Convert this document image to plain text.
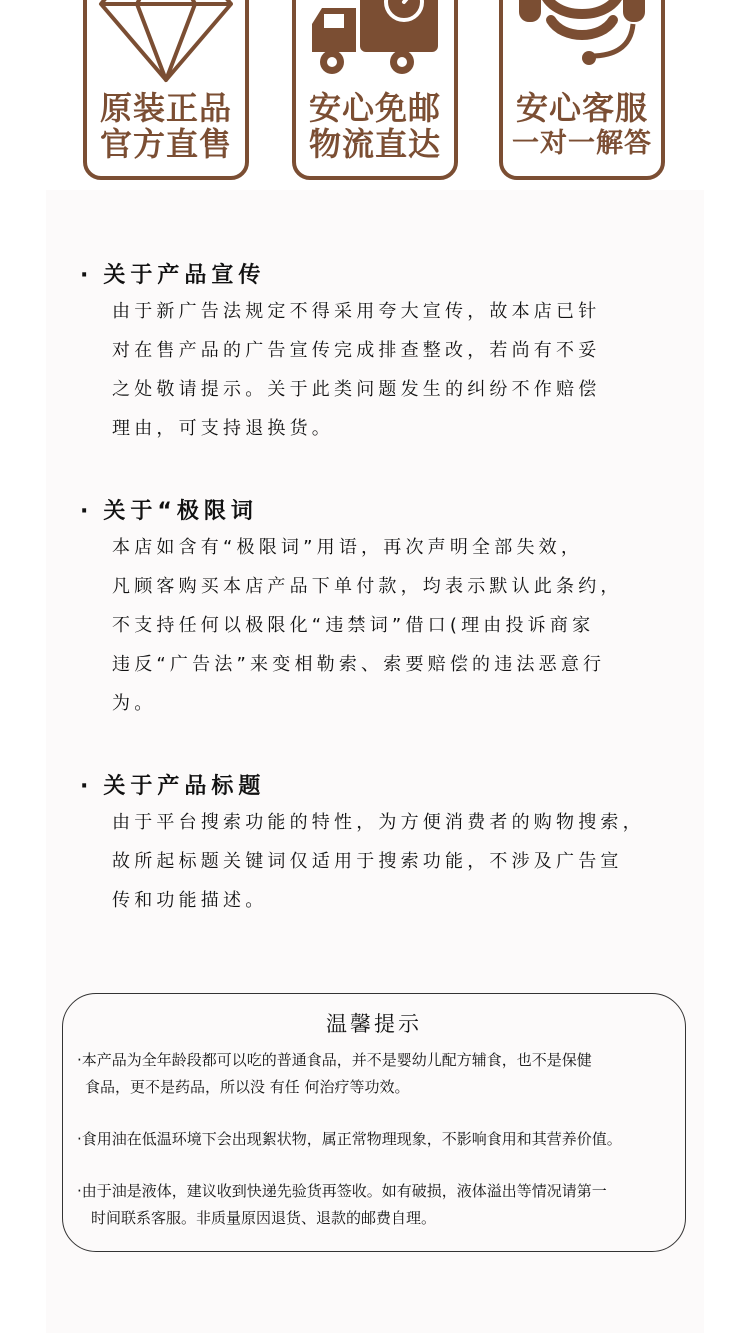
原装正品
官方直售
安心免邮
物流直达
安心客服
一对一解答
· 关于产品宣传
由于新广告法规定不得采用夸大宣传，故本店已针
对在售产品的广告宣传完成排查整改，若尚有不妥
之处敬请提示。关于此类问题发生的纠纷不作赔偿
理由，可支持退换货。
· 关于“极限词
本店如含有“极限词”用语，再次声明全部失效，
凡顾客购买本店产品下单付款，均表示默认此条约，
不支持任何以极限化“违禁词”借口(理由投诉商家
违反“广告法”来变相勒索、索要赔偿的违法恶意行
为。
· 关于产品标题
由于平台搜索功能的特性，为方便消费者的购物搜索，
故所起标题关键词仅适用于搜索功能，不涉及广告宣
传和功能描述。
温馨提示
·本产品为全年龄段都可以吃的普通食品，并不是婴幼儿配方辅食，也不是保健
食品，更不是药品，所以没 有任 何治疗等功效。
·食用油在低温环境下会出现絮状物，属正常物理现象，不影响食用和其营养价值。
·由于油是液体，建议收到快递先验货再签收。如有破损，液体溢出等情况请第一
时间联系客服。非质量原因退货、退款的邮费自理。
